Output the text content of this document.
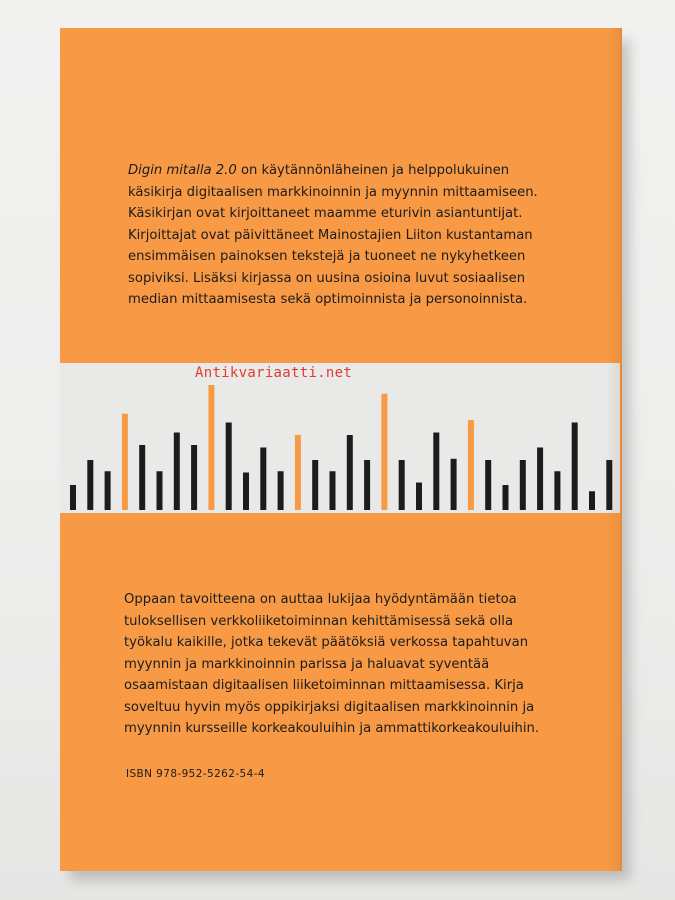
Digin mitalla 2.0 on käytännönläheinen ja helppolukuinen
käsikirja digitaalisen markkinoinnin ja myynnin mittaamiseen.
Käsikirjan ovat kirjoittaneet maamme eturivin asiantuntijat.
Kirjoittajat ovat päivittäneet Mainostajien Liiton kustantaman
ensimmäisen painoksen tekstejä ja tuoneet ne nykyhetkeen
sopiviksi. Lisäksi kirjassa on uusina osioina luvut sosiaalisen
median mittaamisesta sekä optimoinnista ja personoinnista.
Oppaan tavoitteena on auttaa lukijaa hyödyntämään tietoa
tuloksellisen verkkoliiketoiminnan kehittämisessä sekä olla
työkalu kaikille, jotka tekevät päätöksiä verkossa tapahtuvan
myynnin ja markkinoinnin parissa ja haluavat syventää
osaamistaan digitaalisen liiketoiminnan mittaamisessa. Kirja
soveltuu hyvin myös oppikirjaksi digitaalisen markkinoinnin ja
myynnin kursseille korkeakouluihin ja ammattikorkeakouluihin.
ISBN 978-952-5262-54-4
Antikvariaatti.net
